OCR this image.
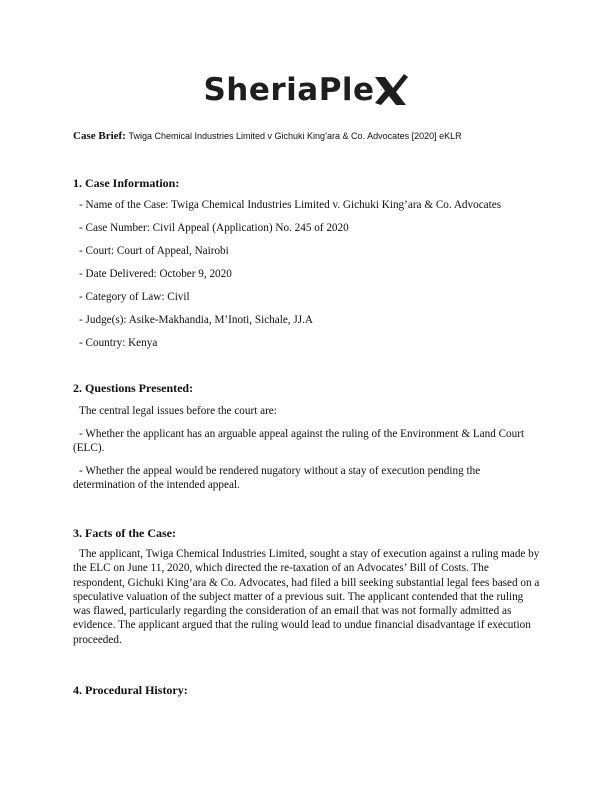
SheriaPle
Case Brief: Twiga Chemical Industries Limited v Gichuki King’ara & Co. Advocates [2020] eKLR

1. Case Information:

- Name of the Case: Twiga Chemical Industries Limited v. Gichuki King’ara & Co. Advocates

- Case Number: Civil Appeal (Application) No. 245 of 2020

- Court: Court of Appeal, Nairobi

- Date Delivered: October 9, 2020

- Category of Law: Civil

- Judge(s): Asike-Makhandia, M’Inoti, Sichale, JJ.A

- Country: Kenya

2. Questions Presented:

The central legal issues before the court are:

- Whether the applicant has an arguable appeal against the ruling of the Environment & Land Court (ELC).

- Whether the appeal would be rendered nugatory without a stay of execution pending the determination of the intended appeal.

3. Facts of the Case:

The applicant, Twiga Chemical Industries Limited, sought a stay of execution against a ruling made by the ELC on June 11, 2020, which directed the re-taxation of an Advocates’ Bill of Costs. The respondent, Gichuki King’ara & Co. Advocates, had filed a bill seeking substantial legal fees based on a speculative valuation of the subject matter of a previous suit. The applicant contended that the ruling was flawed, particularly regarding the consideration of an email that was not formally admitted as evidence. The applicant argued that the ruling would lead to undue financial disadvantage if execution proceeded.

4. Procedural History:
